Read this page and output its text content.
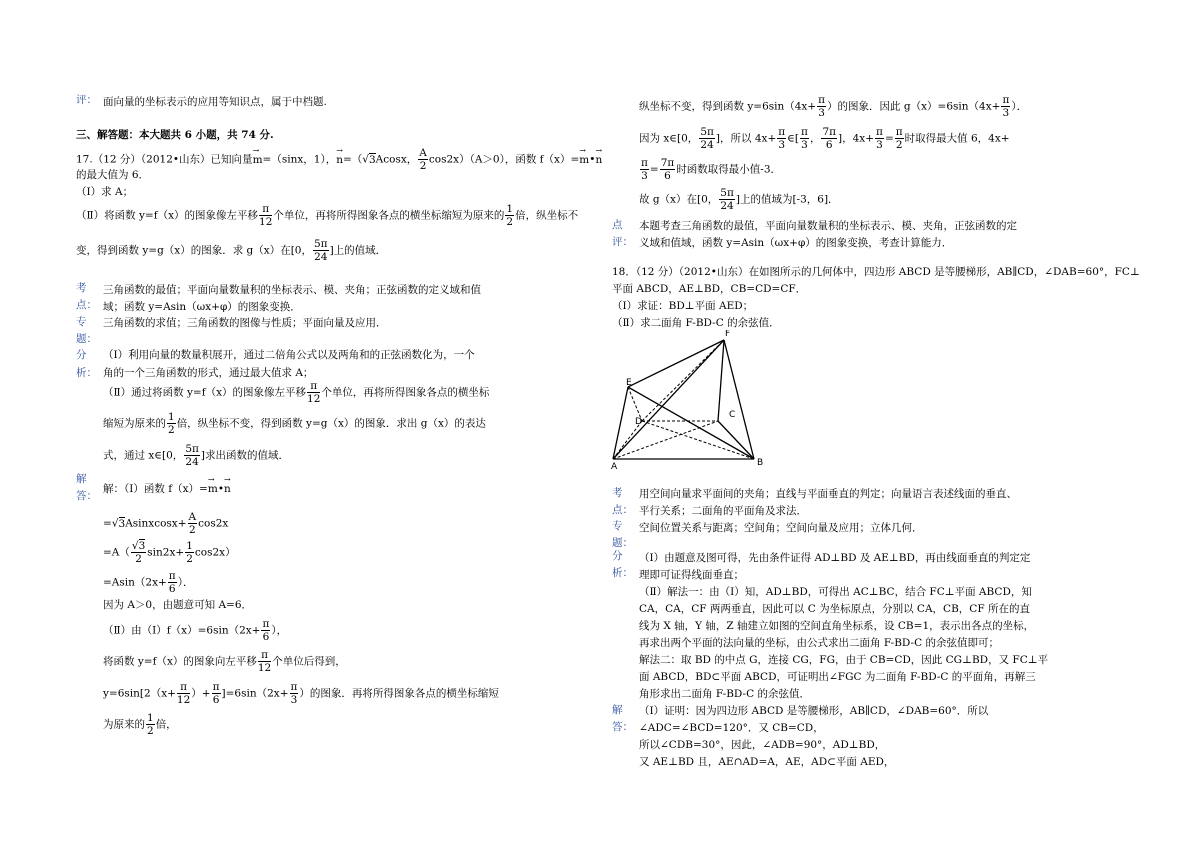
评： 面向量的坐标表示的应用等知识点，属于中档题.
三、解答题：本大题共 6 小题，共 74 分.
17.（12 分）（2012•山东）已知向量→ m=（sinx，1），→ n=（√3Acosx， $\frac{A}{2} \cos 2x)(A>0)$，函数 f（x）=→ m•→ n
的最大值为 6．
（Ⅰ）求 A；
（Ⅱ）将函数 y=f（x）的图象像左平移 $\frac{\pi}{12}$ 个单位，再将所得图象各点的横坐标缩短为原来的 $\frac{1}{2}$ 倍，纵坐标不
变，得到函数 y=g（x）的图象．求 g（x）在[0， $\frac{5\pi}{24}$ ]上的值域．
考
点：
三角函数的最值；平面向量数量积的坐标表示、模、夹角；正弦函数的定义域和值
域；函数 y=Asin（ωx+φ）的图象变换．
专
题：
三角函数的求值；三角函数的图像与性质；平面向量及应用．
分
析：
（Ⅰ）利用向量的数量积展开，通过二倍角公式以及两角和的正弦函数化为，一个
角的一个三角函数的形式，通过最大值求 A；
（Ⅱ）通过将函数 y=f（x）的图象像左平移 $\frac{\pi}{12}$ 个单位，再将所得图象各点的横坐标
缩短为原来的 $\frac{1}{2}$ 倍，纵坐标不变，得到函数 y=g（x）的图象．求出 g（x）的表达
式，通过 x∈[0， $\frac{5\pi}{24}$ ]求出函数的值域．
解
答：
解：（Ⅰ）函数 f（x）=→ m•→ n
=√3Asinxcosx+ $\frac{A}{2} \cos 2x$
$=A( \frac{√3}{2} \sin 2x+ \frac{1}{2} \cos 2x)$
$=Asin(2x+ \frac{\pi}{6}$ ）．
因为 A＞0，由题意可知 A=6．
（Ⅱ）由（Ⅰ）f（x）=6sin（2x+ $\frac{\pi}{6}$ ），
将函数 y=f（x）的图象向左平移 $\frac{\pi}{12}$ 个单位后得到，
$y=6\sin[2(x+ \frac{\pi}{12}$ ）+ $\frac{\pi}{6} ]=6\sin(2x+ \frac{\pi}{3}$ ）的图象．再将所得图象各点的横坐标缩短
为原来的 $\frac{1}{2}$ 倍，
纵坐标不变，得到函数 $y=6\sin(4x+ \frac{\pi}{3}$ ）的图象．因此 $g(x)=6\sin(4x+ \frac{\pi}{3}$ ）．
因为 x∈[0， $\frac{5\pi}{24}$ ]，所以 $4x+ \frac{\pi}{3}$ ∈[ $\frac{\pi}{3}$ ， $\frac{7\pi}{6}$ ]，$4x+ \frac{\pi}{3} = \frac{\pi}{2}$ 时取得最大值 6，4x+
$\frac{\pi}{3} = \frac{7\pi}{6}$ 时函数取得最小值-3．
故 g（x）在[0， $\frac{5\pi}{24}$ ]上的值域为[-3，6]．
点
评：
本题考查三角函数的最值，平面向量数量积的坐标表示、模、夹角，正弦函数的定
义域和值域，函数 y=Asin（ωx+φ）的图象变换，考查计算能力．
18．（12 分）（2012•山东）在如图所示的几何体中，四边形 ABCD 是等腰梯形，AB∥CD，∠DAB=60°，FC⊥
平面 ABCD，AE⊥BD，CB=CD=CF．
（Ⅰ）求证：BD⊥平面 AED；
（Ⅱ）求二面角 F-BD-C 的余弦值．
F
E
D
C
A	B
考
点：
用空间向量求平面间的夹角；直线与平面垂直的判定；向量语言表述线面的垂直、
平行关系；二面角的平面角及求法．
专
题：
空间位置关系与距离；空间角；空间向量及应用；立体几何．
分
析：
（Ⅰ）由题意及图可得，先由条件证得 AD⊥BD 及 AE⊥BD，再由线面垂直的判定定
理即可证得线面垂直；
（Ⅱ）解法一：由（Ⅰ）知，AD⊥BD，可得出 AC⊥BC，结合 FC⊥平面 ABCD，知
CA，CA，CF 两两垂直，因此可以 C 为坐标原点，分别以 CA，CB，CF 所在的直
线为 X 轴，Y 轴，Z 轴建立如图的空间直角坐标系，设 CB=1，表示出各点的坐标，
再求出两个平面的法向量的坐标，由公式求出二面角 F-BD-C 的余弦值即可；
解法二：取 BD 的中点 G，连接 CG，FG，由于 CB=CD，因此 CG⊥BD，又 FC⊥平
面 ABCD，BD⊂平面 ABCD，可证明出∠FGC 为二面角 F-BD-C 的平面角，再解三
角形求出二面角 F-BD-C 的余弦值．
解
答：
（Ⅰ）证明：因为四边形 ABCD 是等腰梯形，AB∥CD，∠DAB=60°．所以
∠ADC=∠BCD=120°．又 CB=CD，
所以∠CDB=30°，因此，∠ADB=90°，AD⊥BD，
又 AE⊥BD 且，AE∩AD=A，AE，AD⊂平面 AED，
